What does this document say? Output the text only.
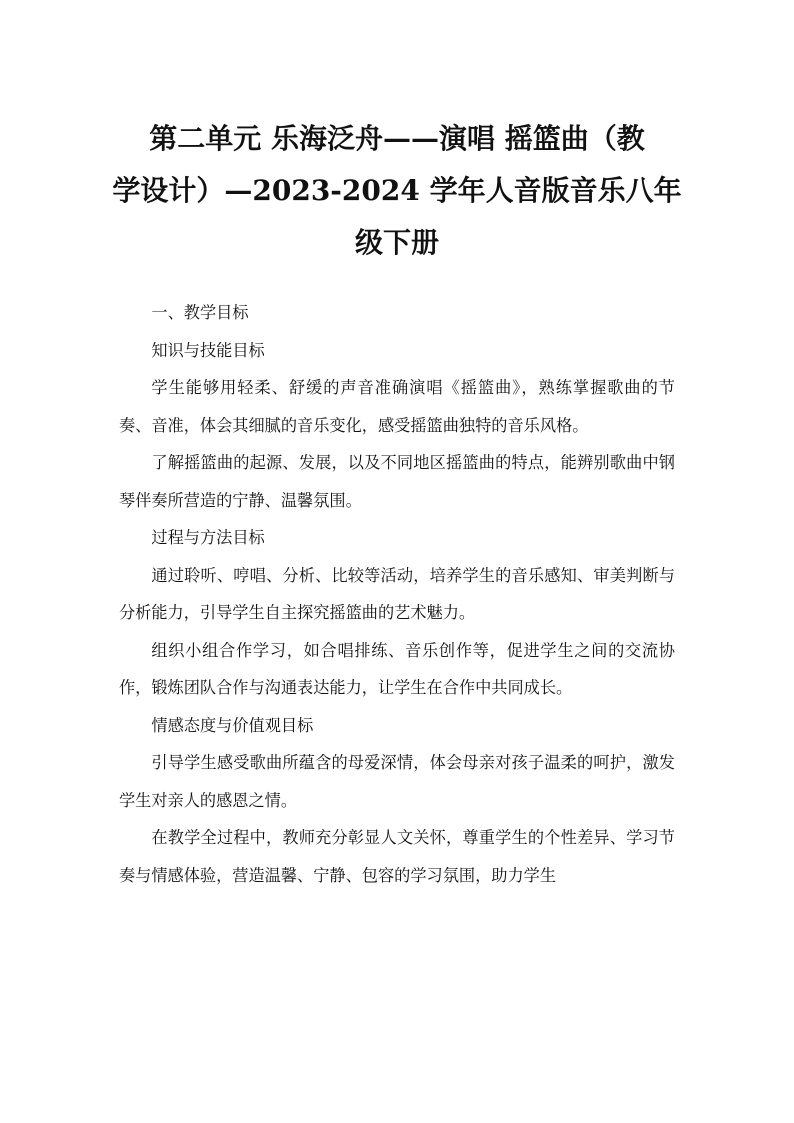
第二单元 乐海泛舟——演唱 摇篮曲（教
学设计）—2023-2024 学年人音版音乐八年
级下册

一、教学目标

知识与技能目标

学生能够用轻柔、舒缓的声音准确演唱《摇篮曲》，熟练掌握歌曲的节奏、音准，体会其细腻的音乐变化，感受摇篮曲独特的音乐风格。

了解摇篮曲的起源、发展，以及不同地区摇篮曲的特点，能辨别歌曲中钢琴伴奏所营造的宁静、温馨氛围。

过程与方法目标

通过聆听、哼唱、分析、比较等活动，培养学生的音乐感知、审美判断与分析能力，引导学生自主探究摇篮曲的艺术魅力。

组织小组合作学习，如合唱排练、音乐创作等，促进学生之间的交流协作，锻炼团队合作与沟通表达能力，让学生在合作中共同成长。

情感态度与价值观目标

引导学生感受歌曲所蕴含的母爱深情，体会母亲对孩子温柔的呵护，激发学生对亲人的感恩之情。

在教学全过程中，教师充分彰显人文关怀，尊重学生的个性差异、学习节奏与情感体验，营造温馨、宁静、包容的学习氛围，助力学生
